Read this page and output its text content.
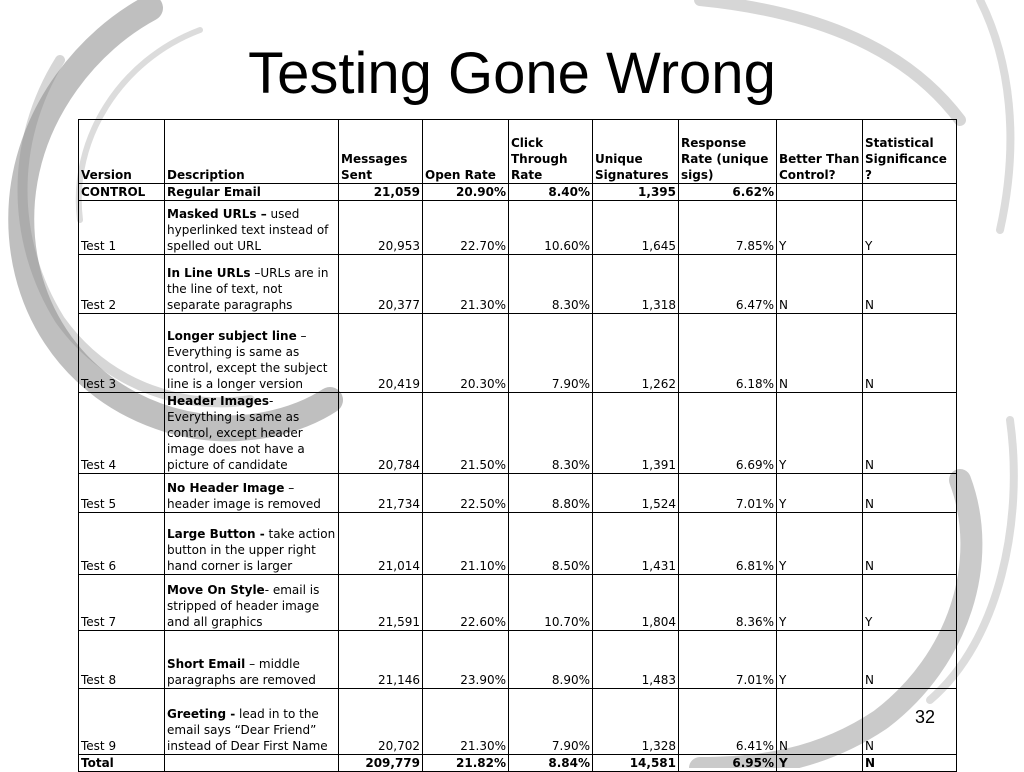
Testing Gone Wrong
Version	Description	Messages Sent	Open Rate	Click Through Rate	Unique Signatures	Response Rate (unique sigs)	Better Than Control?	Statistical Significance ?
CONTROL	Regular Email	21,059	20.90%	8.40%	1,395	6.62%		
Test 1	Masked URLs – used hyperlinked text instead of spelled out URL	20,953	22.70%	10.60%	1,645	7.85%	Y	Y
Test 2	In Line URLs –URLs are in the line of text, not separate paragraphs	20,377	21.30%	8.30%	1,318	6.47%	N	N
Test 3	Longer subject line – Everything is same as control, except the subject line is a longer version	20,419	20.30%	7.90%	1,262	6.18%	N	N
Test 4	Header Images- Everything is same as control, except header image does not have a picture of candidate	20,784	21.50%	8.30%	1,391	6.69%	Y	N
Test 5	No Header Image – header image is removed	21,734	22.50%	8.80%	1,524	7.01%	Y	N
Test 6	Large Button - take action button in the upper right hand corner is larger	21,014	21.10%	8.50%	1,431	6.81%	Y	N
Test 7	Move On Style- email is stripped of header image and all graphics	21,591	22.60%	10.70%	1,804	8.36%	Y	Y
Test 8	Short Email – middle paragraphs are removed	21,146	23.90%	8.90%	1,483	7.01%	Y	N
Test 9	Greeting - lead in to the email says “Dear Friend” instead of Dear First Name	20,702	21.30%	7.90%	1,328	6.41%	N	N
Total		209,779	21.82%	8.84%	14,581	6.95%	Y	N
32
